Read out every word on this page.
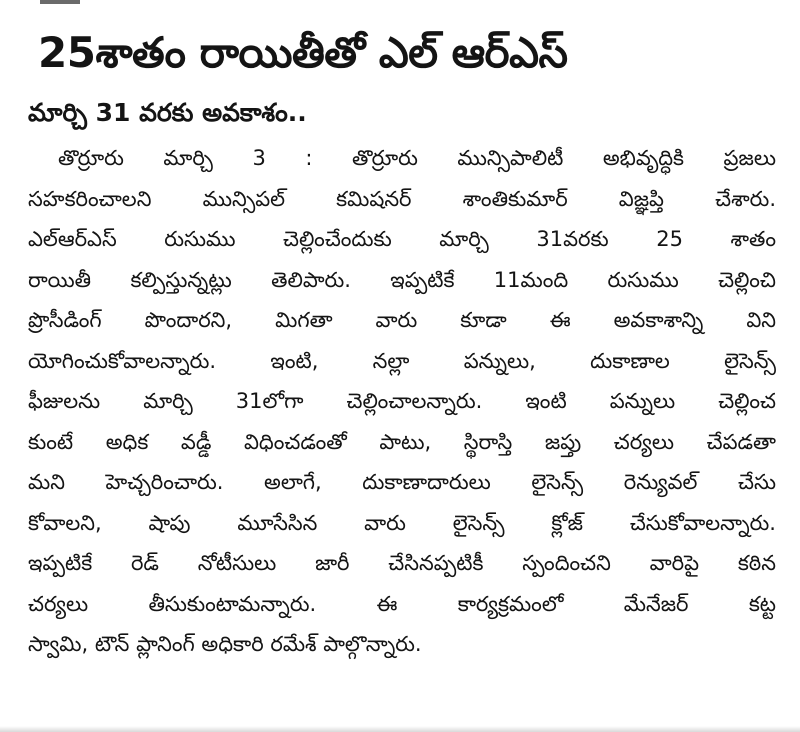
25శాతం రాయితీతో ఎల్ ఆర్ఎస్
మార్చి 31 వరకు అవకాశం..
తొర్రూరు మార్చి 3 : తొర్రూరు మున్సిపాలిటీ అభివృద్ధికి ప్రజలు
సహకరించాలని మున్సిపల్ కమిషనర్ శాంతికుమార్ విజ్ఞప్తి చేశారు.
ఎల్ఆర్ఎస్ రుసుము చెల్లించేందుకు మార్చి 31వరకు 25 శాతం
రాయితీ కల్పిస్తున్నట్లు తెలిపారు. ఇప్పటికే 11మంది రుసుము చెల్లించి
ప్రొసీడింగ్ పొందారని, మిగతా వారు కూడా ఈ అవకాశాన్ని విని
యోగించుకోవాలన్నారు. ఇంటి, నల్లా పన్నులు, దుకాణాల లైసెన్స్
ఫీజులను మార్చి 31లోగా చెల్లించాలన్నారు. ఇంటి పన్నులు చెల్లించ
కుంటే అధిక వడ్డీ విధించడంతో పాటు, స్థిరాస్తి జప్తు చర్యలు చేపడతా
మని హెచ్చరించారు. అలాగే, దుకాణాదారులు లైసెన్స్ రెన్యువల్ చేసు
కోవాలని, షాపు మూసేసిన వారు లైసెన్స్ క్లోజ్ చేసుకోవాలన్నారు.
ఇప్పటికే రెడ్ నోటీసులు జారీ చేసినప్పటికీ స్పందించని వారిపై కఠిన
చర్యలు తీసుకుంటామన్నారు. ఈ కార్యక్రమంలో మేనేజర్ కట్ట
స్వామి, టౌన్ ప్లానింగ్ అధికారి రమేశ్ పాల్గొన్నారు.
